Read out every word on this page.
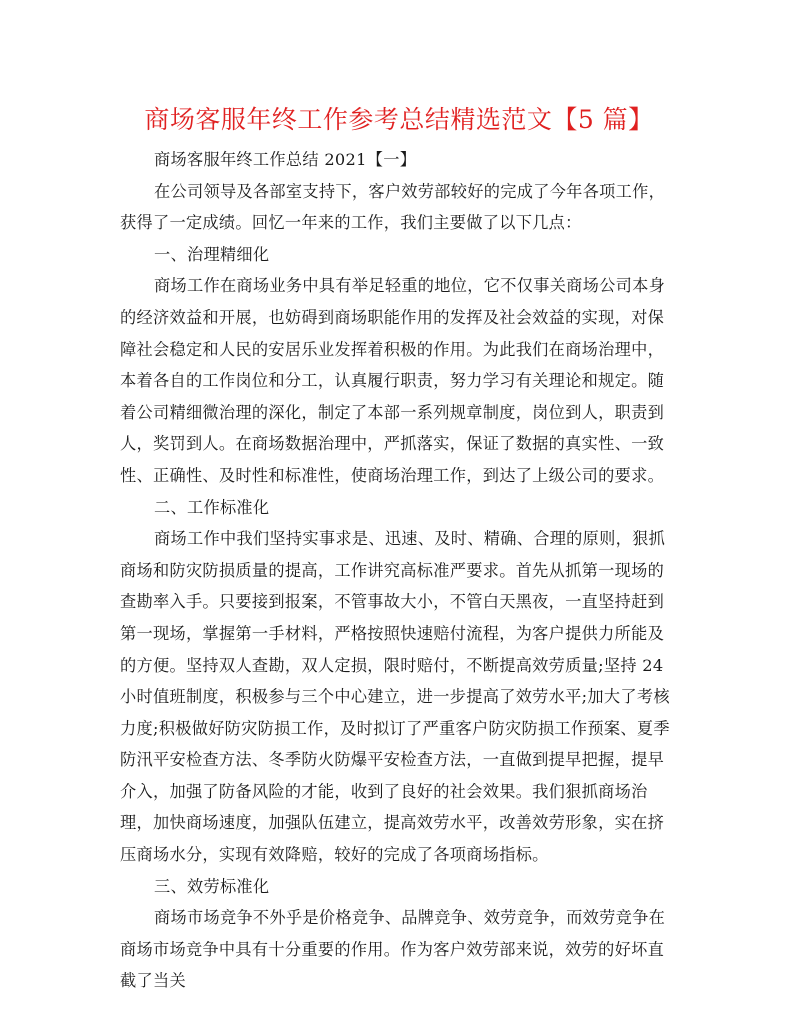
商场客服年终工作参考总结精选范文【5 篇】
商场客服年终工作总结 2021【一】

在公司领导及各部室支持下，客户效劳部较好的完成了今年各项工作，获得了一定成绩。回忆一年来的工作，我们主要做了以下几点：

一、治理精细化

商场工作在商场业务中具有举足轻重的地位，它不仅事关商场公司本身的经济效益和开展，也妨碍到商场职能作用的发挥及社会效益的实现，对保障社会稳定和人民的安居乐业发挥着积极的作用。为此我们在商场治理中，本着各自的工作岗位和分工，认真履行职责，努力学习有关理论和规定。随着公司精细微治理的深化，制定了本部一系列规章制度，岗位到人，职责到人，奖罚到人。在商场数据治理中，严抓落实，保证了数据的真实性、一致性、正确性、及时性和标准性，使商场治理工作，到达了上级公司的要求。

二、工作标准化

商场工作中我们坚持实事求是、迅速、及时、精确、合理的原则，狠抓商场和防灾防损质量的提高，工作讲究高标准严要求。首先从抓第一现场的查勘率入手。只要接到报案，不管事故大小，不管白天黑夜，一直坚持赶到第一现场，掌握第一手材料，严格按照快速赔付流程，为客户提供力所能及的方便。坚持双人查勘，双人定损，限时赔付，不断提高效劳质量;坚持 24 小时值班制度，积极参与三个中心建立，进一步提高了效劳水平;加大了考核力度;积极做好防灾防损工作，及时拟订了严重客户防灾防损工作预案、夏季防汛平安检查方法、冬季防火防爆平安检查方法，一直做到提早把握，提早介入，加强了防备风险的才能，收到了良好的社会效果。我们狠抓商场治理，加快商场速度，加强队伍建立，提高效劳水平，改善效劳形象，实在挤压商场水分，实现有效降赔，较好的完成了各项商场指标。

三、效劳标准化

商场市场竞争不外乎是价格竞争、品牌竞争、效劳竞争，而效劳竞争在商场市场竞争中具有十分重要的作用。作为客户效劳部来说，效劳的好坏直截了当关
